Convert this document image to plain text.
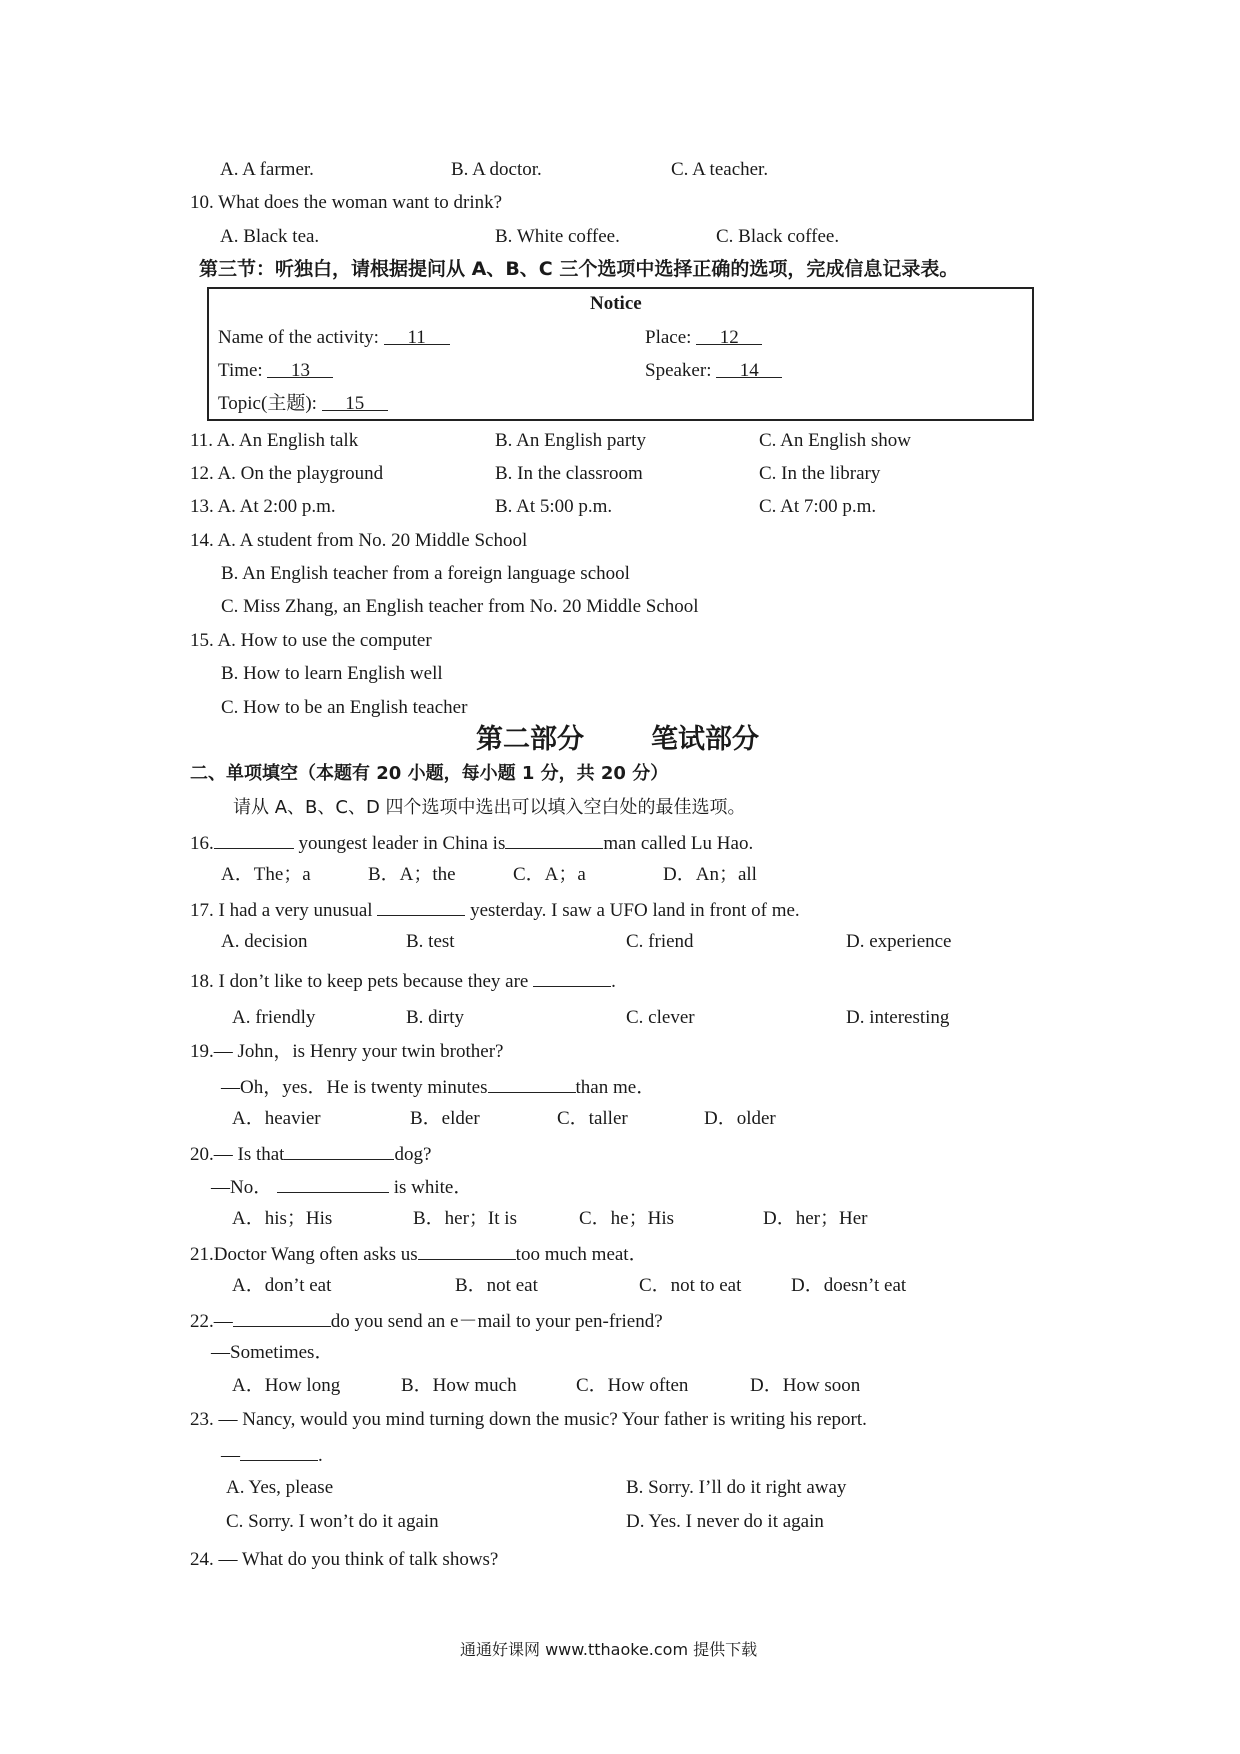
A. A farmer.	B. A doctor.	C. A teacher.
10. What does the woman want to drink?
A. Black tea.	B. White coffee.	C. Black coffee.
第三节：听独白，请根据提问从 A、B、C 三个选项中选择正确的选项，完成信息记录表。
Notice
Name of the activity: 11	Place: 12
Time: 13	Speaker: 14
Topic(主题): 15
11. A. An English talk	B. An English party	C. An English show
12. A. On the playground	B. In the classroom	C. In the library
13. A. At 2:00 p.m.	B. At 5:00 p.m.	C. At 7:00 p.m.
14. A. A student from No. 20 Middle School
B. An English teacher from a foreign language school
C. Miss Zhang, an English teacher from No. 20 Middle School
15. A. How to use the computer
B. How to learn English well
C. How to be an English teacher
第二部分 笔试部分
二、单项填空（本题有 20 小题，每小题 1 分，共 20 分）
请从 A、B、C、D 四个选项中选出可以填入空白处的最佳选项。
16.	youngest leader in China is	man called Lu Hao.
A．The；a	B．A；the	C．A；a	D．An；all
17. I had a very unusual	yesterday. I saw a UFO land in front of me.
A. decision	B. test	C. friend	D. experience
18. I don’t like to keep pets because they are	.
A. friendly	B. dirty	C. clever	D. interesting
19.— John，is Henry your twin brother?
—Oh，yes．He is twenty minutes	than me．
A．heavier	B．elder	C．taller	D．older
20.— Is that	dog?
—No．	is white．
A．his；His	B．her；It is	C．he；His	D．her；Her
21.Doctor Wang often asks us	too much meat．
A．don’t eat	B．not eat	C．not to eat	D．doesn’t eat
22.—	do you send an e－mail to your pen-friend?
—Sometimes．
A．How long	B．How much	C．How often	D．How soon
23. — Nancy, would you mind turning down the music? Your father is writing his report.
—	.
A. Yes, please	B. Sorry. I’ll do it right away
C. Sorry. I won’t do it again	D. Yes. I never do it again
24. — What do you think of talk shows?
通通好课网 www.tthaoke.com 提供下载
